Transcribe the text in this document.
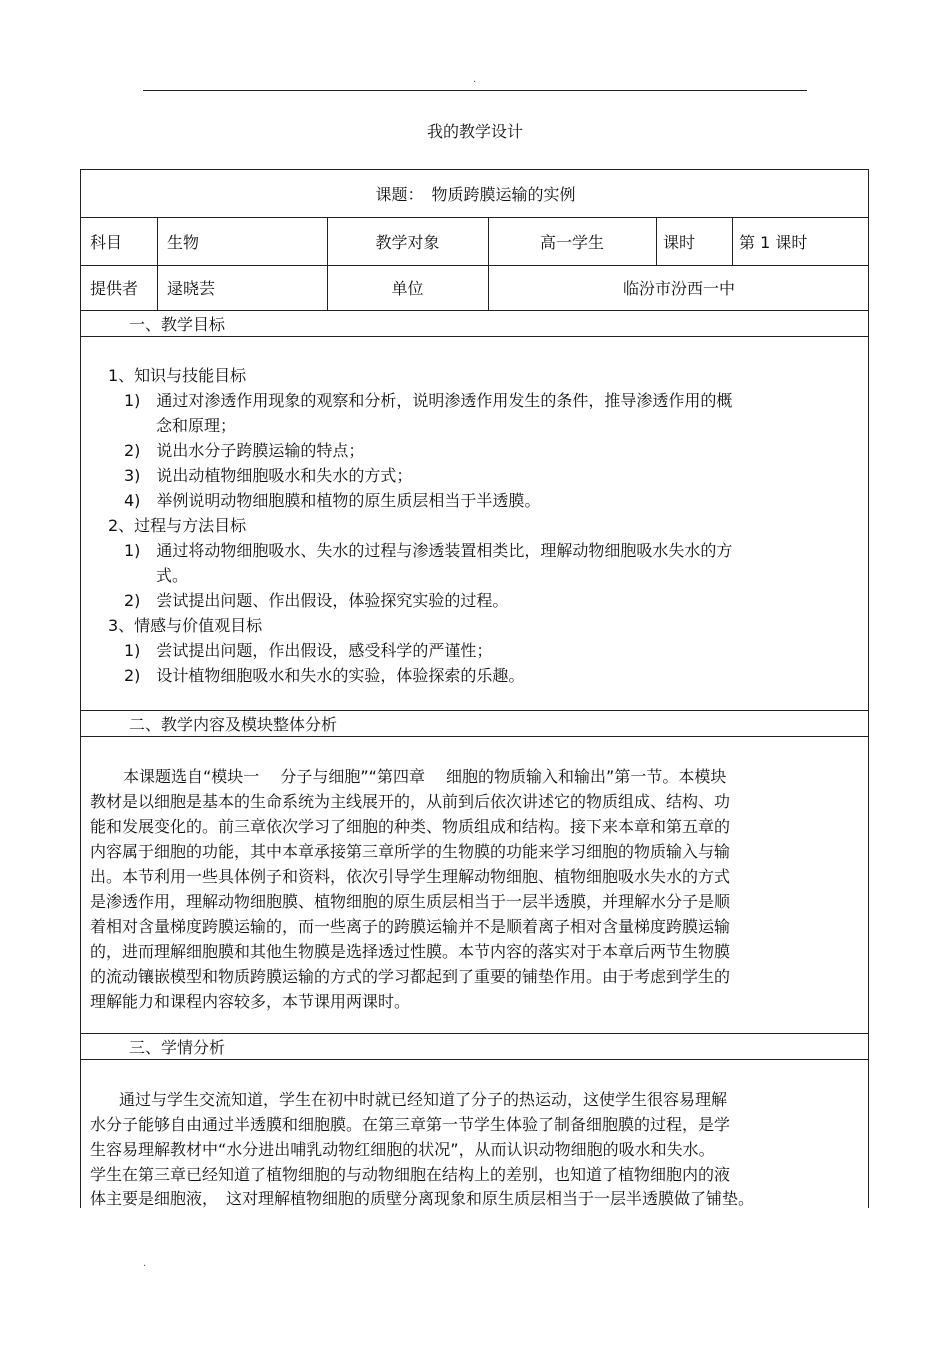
.
我的教学设计
课题：　物质跨膜运输的实例
科目	生物	教学对象	高一学生	课时	第 1 课时
提供者 逯晓芸	单位	临汾市汾西一中
一、教学目标
1、知识与技能目标
1)　通过对渗透作用现象的观察和分析，说明渗透作用发生的条件，推导渗透作用的概
念和原理；
2)　说出水分子跨膜运输的特点；
3)　说出动植物细胞吸水和失水的方式；
4)　举例说明动物细胞膜和植物的原生质层相当于半透膜。
2、过程与方法目标
1)　通过将动物细胞吸水、失水的过程与渗透装置相类比，理解动物细胞吸水失水的方
式。
2)　尝试提出问题、作出假设，体验探究实验的过程。
3、情感与价值观目标
1)　尝试提出问题，作出假设，感受科学的严谨性；
2)　设计植物细胞吸水和失水的实验，体验探索的乐趣。
二、教学内容及模块整体分析
本课题选自“模块一　 分子与细胞”“第四章　 细胞的物质输入和输出”第一节。本模块
教材是以细胞是基本的生命系统为主线展开的，从前到后依次讲述它的物质组成、结构、功
能和发展变化的。前三章依次学习了细胞的种类、物质组成和结构。接下来本章和第五章的
内容属于细胞的功能，其中本章承接第三章所学的生物膜的功能来学习细胞的物质输入与输
出。本节利用一些具体例子和资料，依次引导学生理解动物细胞、植物细胞吸水失水的方式
是渗透作用，理解动物细胞膜、植物细胞的原生质层相当于一层半透膜，并理解水分子是顺
着相对含量梯度跨膜运输的，而一些离子的跨膜运输并不是顺着离子相对含量梯度跨膜运输
的，进而理解细胞膜和其他生物膜是选择透过性膜。本节内容的落实对于本章后两节生物膜
的流动镶嵌模型和物质跨膜运输的方式的学习都起到了重要的铺垫作用。由于考虑到学生的
理解能力和课程内容较多，本节课用两课时。
三、学情分析
通过与学生交流知道，学生在初中时就已经知道了分子的热运动，这使学生很容易理解
水分子能够自由通过半透膜和细胞膜。在第三章第一节学生体验了制备细胞膜的过程，是学
生容易理解教材中“水分进出哺乳动物红细胞的状况”，从而认识动物细胞的吸水和失水。
学生在第三章已经知道了植物细胞的与动物细胞在结构上的差别，也知道了植物细胞内的液
体主要是细胞液，　这对理解植物细胞的质壁分离现象和原生质层相当于一层半透膜做了铺垫。
.
